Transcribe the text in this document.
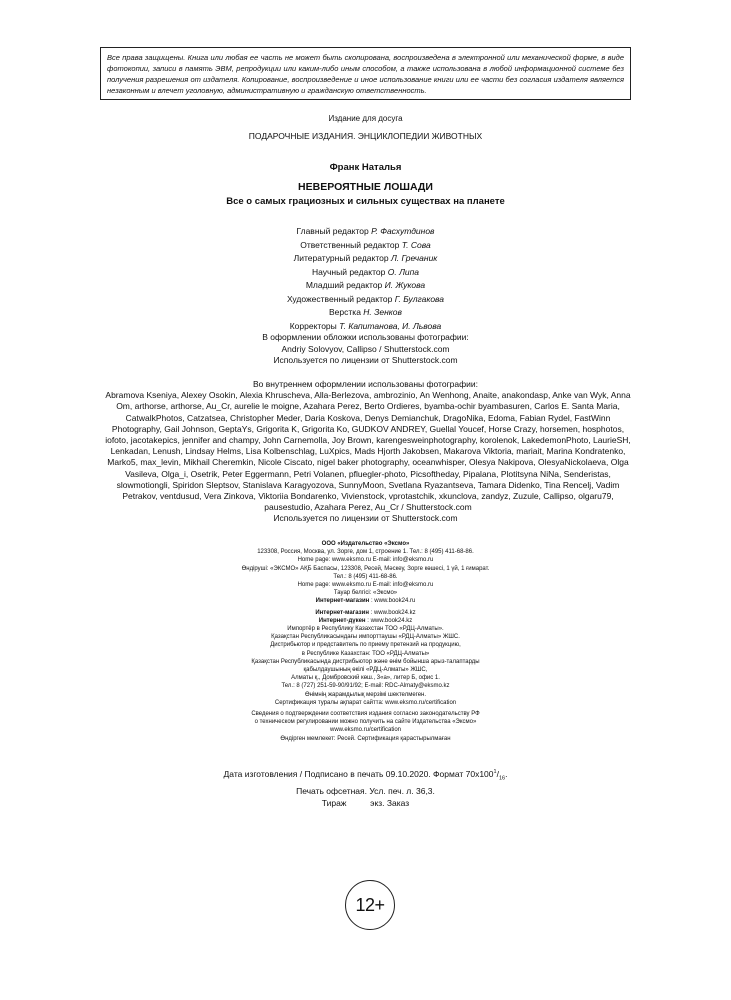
Все права защищены. Книга или любая ее часть не может быть скопирована, воспроизведена в электронной или механической форме, в виде фотокопии, записи в память ЭВМ, репродукции или каким-либо иным способом, а также использована в любой информационной системе без получения разрешения от издателя. Копирование, воспроизведение и иное использование книги или ее части без согласия издателя является незаконным и влечет уголовную, административную и гражданскую ответственность.
Издание для досуга
ПОДАРОЧНЫЕ ИЗДАНИЯ. ЭНЦИКЛОПЕДИИ ЖИВОТНЫХ
Франк Наталья
НЕВЕРОЯТНЫЕ ЛОШАДИ
Все о самых грациозных и сильных существах на планете
Главный редактор Р. Фасхутдинов
Ответственный редактор Т. Сова
Литературный редактор Л. Гречаник
Научный редактор О. Липа
Младший редактор И. Жукова
Художественный редактор Г. Булгакова
Верстка Н. Зенков
Корректоры Т. Капитанова, И. Львова
В оформлении обложки использованы фотографии:
Andriy Solovyov, Callipso / Shutterstock.com
Используется по лицензии от Shutterstock.com
Во внутреннем оформлении использованы фотографии:
Abramova Kseniya, Alexey Osokin, Alexia Khruscheva, Alla-Berlezova, ambrozinio, An Wenhong, Anaite, anakondasp, Anke van Wyk, Anna Om, arthorse, arthorse, Au_Cr, aurelie le moigne, Azahara Perez, Berto Ordieres, byamba-ochir byambasuren, Carlos E. Santa Maria, CatwalkPhotos, Catzatsea, Christopher Meder, Daria Koskova, Denys Demianchuk, DragoNika, Edoma, Fabian Rydel, FastWinn Photography, Gail Johnson, GeptaYs, Grigorita K, Grigorita Ko, GUDKOV ANDREY, Guellal Youcef, Horse Crazy, horsemen, hosphotos, iofoto, jacotakepics, jennifer and champy, John Carnemolla, Joy Brown, karengesweinphotography, korolenok, LakedemonPhoto, LaurieSH, Lenkadan, Lenush, Lindsay Helms, Lisa Kolbenschlag, LuXpics, Mads Hjorth Jakobsen, Makarova Viktoria, mariait, Marina Kondratenko, Marko5, max_levin, Mikhail Cheremkin, Nicole Ciscato, nigel baker photography, oceanwhisper, Olesya Nakipova, OlesyaNickolaeva, Olga Vasileva, Olga_i, Osetrik, Peter Eggermann, Petri Volanen, pfluegler-photo, Picsoftheday, Pipalana, Plotitsyna NiNa, Senderistas, slowmotiongli, Spiridon Sleptsov, Stanislava Karagyozova, SunnyMoon, Svetlana Ryazantseva, Tamara Didenko, Tina Rencelj, Vadim Petrakov, ventdusud, Vera Zinkova, Viktoriia Bondarenko, Vivienstock, vprotastchik, xkunclova, zandyz, Zuzule, Callipso, olgaru79, pausestudio, Azahara Perez, Au_Cr / Shutterstock.com
Используется по лицензии от Shutterstock.com
ООО «Издательство «Эксмо»
123308, Россия, Москва, ул. Зорге, дом 1, строение 1. Тел.: 8 (495) 411-68-86.
Home page: www.eksmo.ru E-mail: info@eksmo.ru
Өндіруші: «ЭКСМО» АҚБ Баспасы, 123308, Ресей, Мәскеу, Зорге көшесі, 1 үй, 1 ғимарат.
Тел.: 8 (495) 411-68-86.
Home page: www.eksmo.ru E-mail: info@eksmo.ru
Тауар белгісі: «Эксмо»
Интернет-магазин : www.book24.ru
Интернет-магазин : www.book24.kz
Интернет-дүкен : www.book24.kz
Импортёр в Республику Казахстан ТОО «РДЦ-Алматы».
Қазақстан Республикасындағы импорттаушы «РДЦ-Алматы» ЖШС.
Дистрибьютор и представитель по приему претензий на продукцию,
в Республике Казахстан: ТОО «РДЦ-Алматы»
Қазақстан Республикасында дистрибьютор және өнім бойынша арыз-талаптарды
қабылдаушының өкілі «РДЦ-Алматы» ЖШС,
Алматы қ., Домбровский көш., 3«а», литер Б, офис 1.
Тел.: 8 (727) 251-59-90/91/92; E-mail: RDC-Almaty@eksmo.kz
Өнімнің жарамдылық мерзімі шектелмеген.
Сертификация туралы ақпарат сайтта: www.eksmo.ru/certification
Сведения о подтверждении соответствия издания согласно законодательству РФ
о техническом регулировании можно получить на сайте Издательства «Эксмо»
www.eksmo.ru/certification
Өндірген мемлекет: Ресей. Сертификация қарастырылмаған
Дата изготовления / Подписано в печать 09.10.2020. Формат $70х100^1/_{16}$.
Печать офсетная. Усл. печ. л. 36,3.
Тираж	экз. Заказ
12+
